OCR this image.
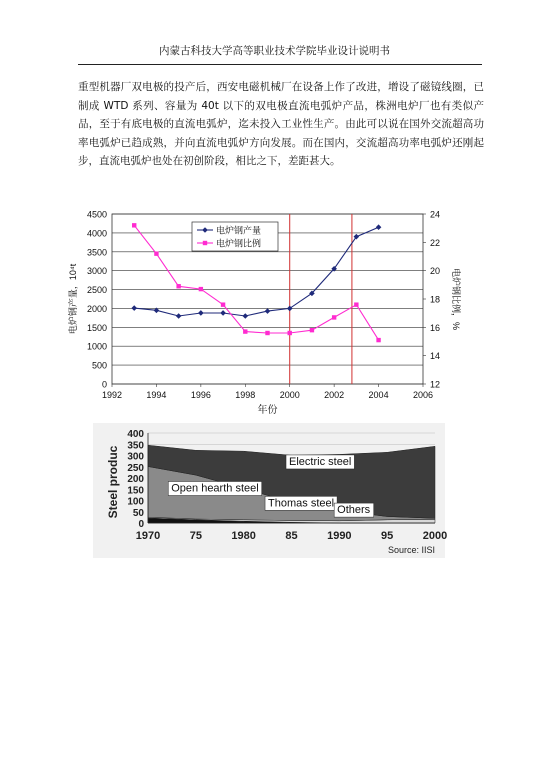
内蒙古科技大学高等职业技术学院毕业设计说明书
重型机器厂双电极的投产后，西安电磁机械厂在设备上作了改进，增设了磁镜线圈，已制成 WTD 系列、容量为 40t 以下的双电极直流电弧炉产品，株洲电炉厂也有类似产品，至于有底电极的直流电弧炉，迄未投入工业性生产。由此可以说在国外交流超高功率电弧炉已趋成熟，并向直流电弧炉方向发展。而在国内，交流超高功率电弧炉还刚起步，直流电弧炉也处在初创阶段，相比之下，差距甚大。
0
500
1000
1500
2000
2500
3000
3500
4000
4500
12
14
16
18
20
22
24
1992	1994	1996	1998	2000	2002	2004	2006
电炉钢产量
电炉钢比例
年份
电炉钢产量，10⁴t	电炉钢比例，%
0
50
100
150
200
250
300
350
400
1970	75	1980	85	1990	95	2000
Electric steel
Open hearth steel
Thomas steel
Others
Steel produc
Source: IISI
